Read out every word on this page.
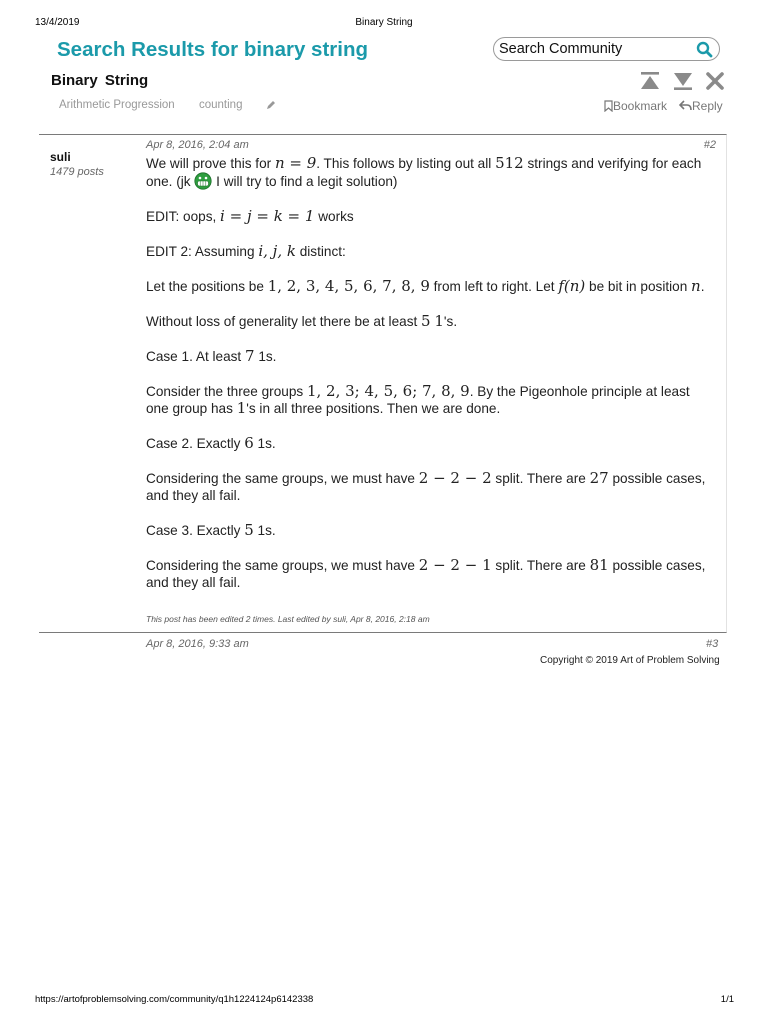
13/4/2019	Binary String
Search Results for binary string
Search Community
Binary String
Arithmetic Progression counting	Bookmark	Reply
suli
1479 posts
Apr 8, 2016, 2:04 am	#2

We will prove this for n = 9. This follows by listing out all 512 strings and verifying for each one. (jk  I will try to find a legit solution)

EDIT: oops, i = j = k = 1 works

EDIT 2: Assuming i, j, k distinct:

Let the positions be 1, 2, 3, 4, 5, 6, 7, 8, 9 from left to right. Let f(n) be bit in position n.

Without loss of generality let there be at least 5 1's.

Case 1. At least 7 1s.

Consider the three groups 1, 2, 3; 4, 5, 6; 7, 8, 9. By the Pigeonhole principle at least one group has 1's in all three positions. Then we are done.

Case 2. Exactly 6 1s.

Considering the same groups, we must have 2 − 2 − 2 split. There are 27 possible cases, and they all fail.

Case 3. Exactly 5 1s.

Considering the same groups, we must have 2 − 2 − 1 split. There are 81 possible cases, and they all fail.

This post has been edited 2 times. Last edited by suli, Apr 8, 2016, 2:18 am
Apr 8, 2016, 9:33 am	#3
Copyright © 2019 Art of Problem Solving
https://artofproblemsolving.com/community/q1h1224124p6142338	1/1
